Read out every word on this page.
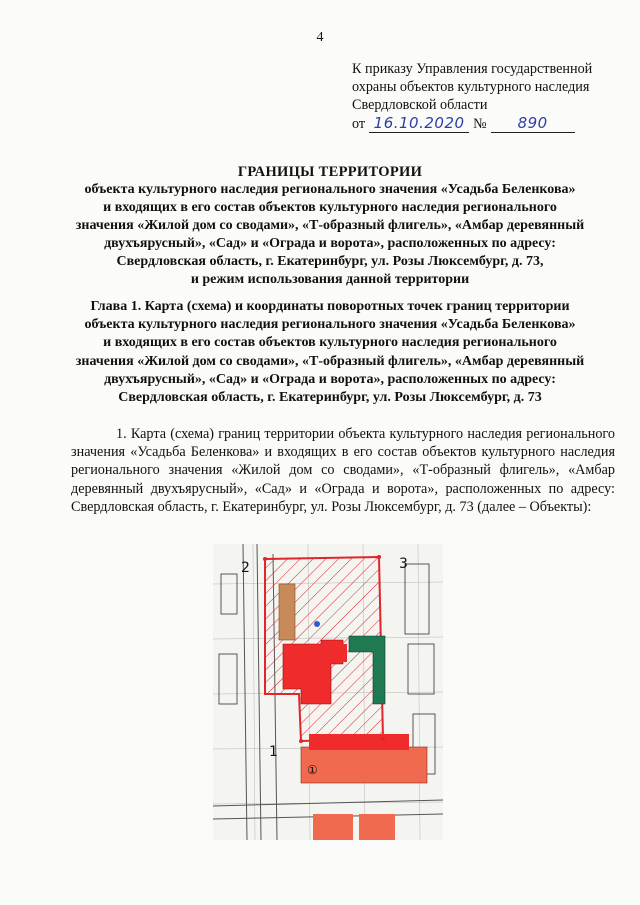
4
К приказу Управления государственной
охраны объектов культурного наследия
Свердловской области
от 16.10.2020 №	890
ГРАНИЦЫ ТЕРРИТОРИИ
объекта культурного наследия регионального значения «Усадьба Беленкова»
и входящих в его состав объектов культурного наследия регионального
значения «Жилой дом со сводами», «Т-образный флигель», «Амбар деревянный
двухъярусный», «Сад» и «Ограда и ворота», расположенных по адресу:
Свердловская область, г. Екатеринбург, ул. Розы Люксембург, д. 73,
и режим использования данной территории
Глава 1. Карта (схема) и координаты поворотных точек границ территории
объекта культурного наследия регионального значения «Усадьба Беленкова»
и входящих в его состав объектов культурного наследия регионального
значения «Жилой дом со сводами», «Т-образный флигель», «Амбар деревянный
двухъярусный», «Сад» и «Ограда и ворота», расположенных по адресу:
Свердловская область, г. Екатеринбург, ул. Розы Люксембург, д. 73
1. Карта (схема) границ территории объекта культурного наследия регионального значения «Усадьба Беленкова» и входящих в его состав объектов культурного наследия регионального значения «Жилой дом со сводами», «Т-образный флигель», «Амбар деревянный двухъярусный», «Сад» и «Ограда и ворота», расположенных по адресу: Свердловская область, г. Екатеринбург, ул. Розы Люксембург, д. 73 (далее – Объекты):
1
2	3
①
